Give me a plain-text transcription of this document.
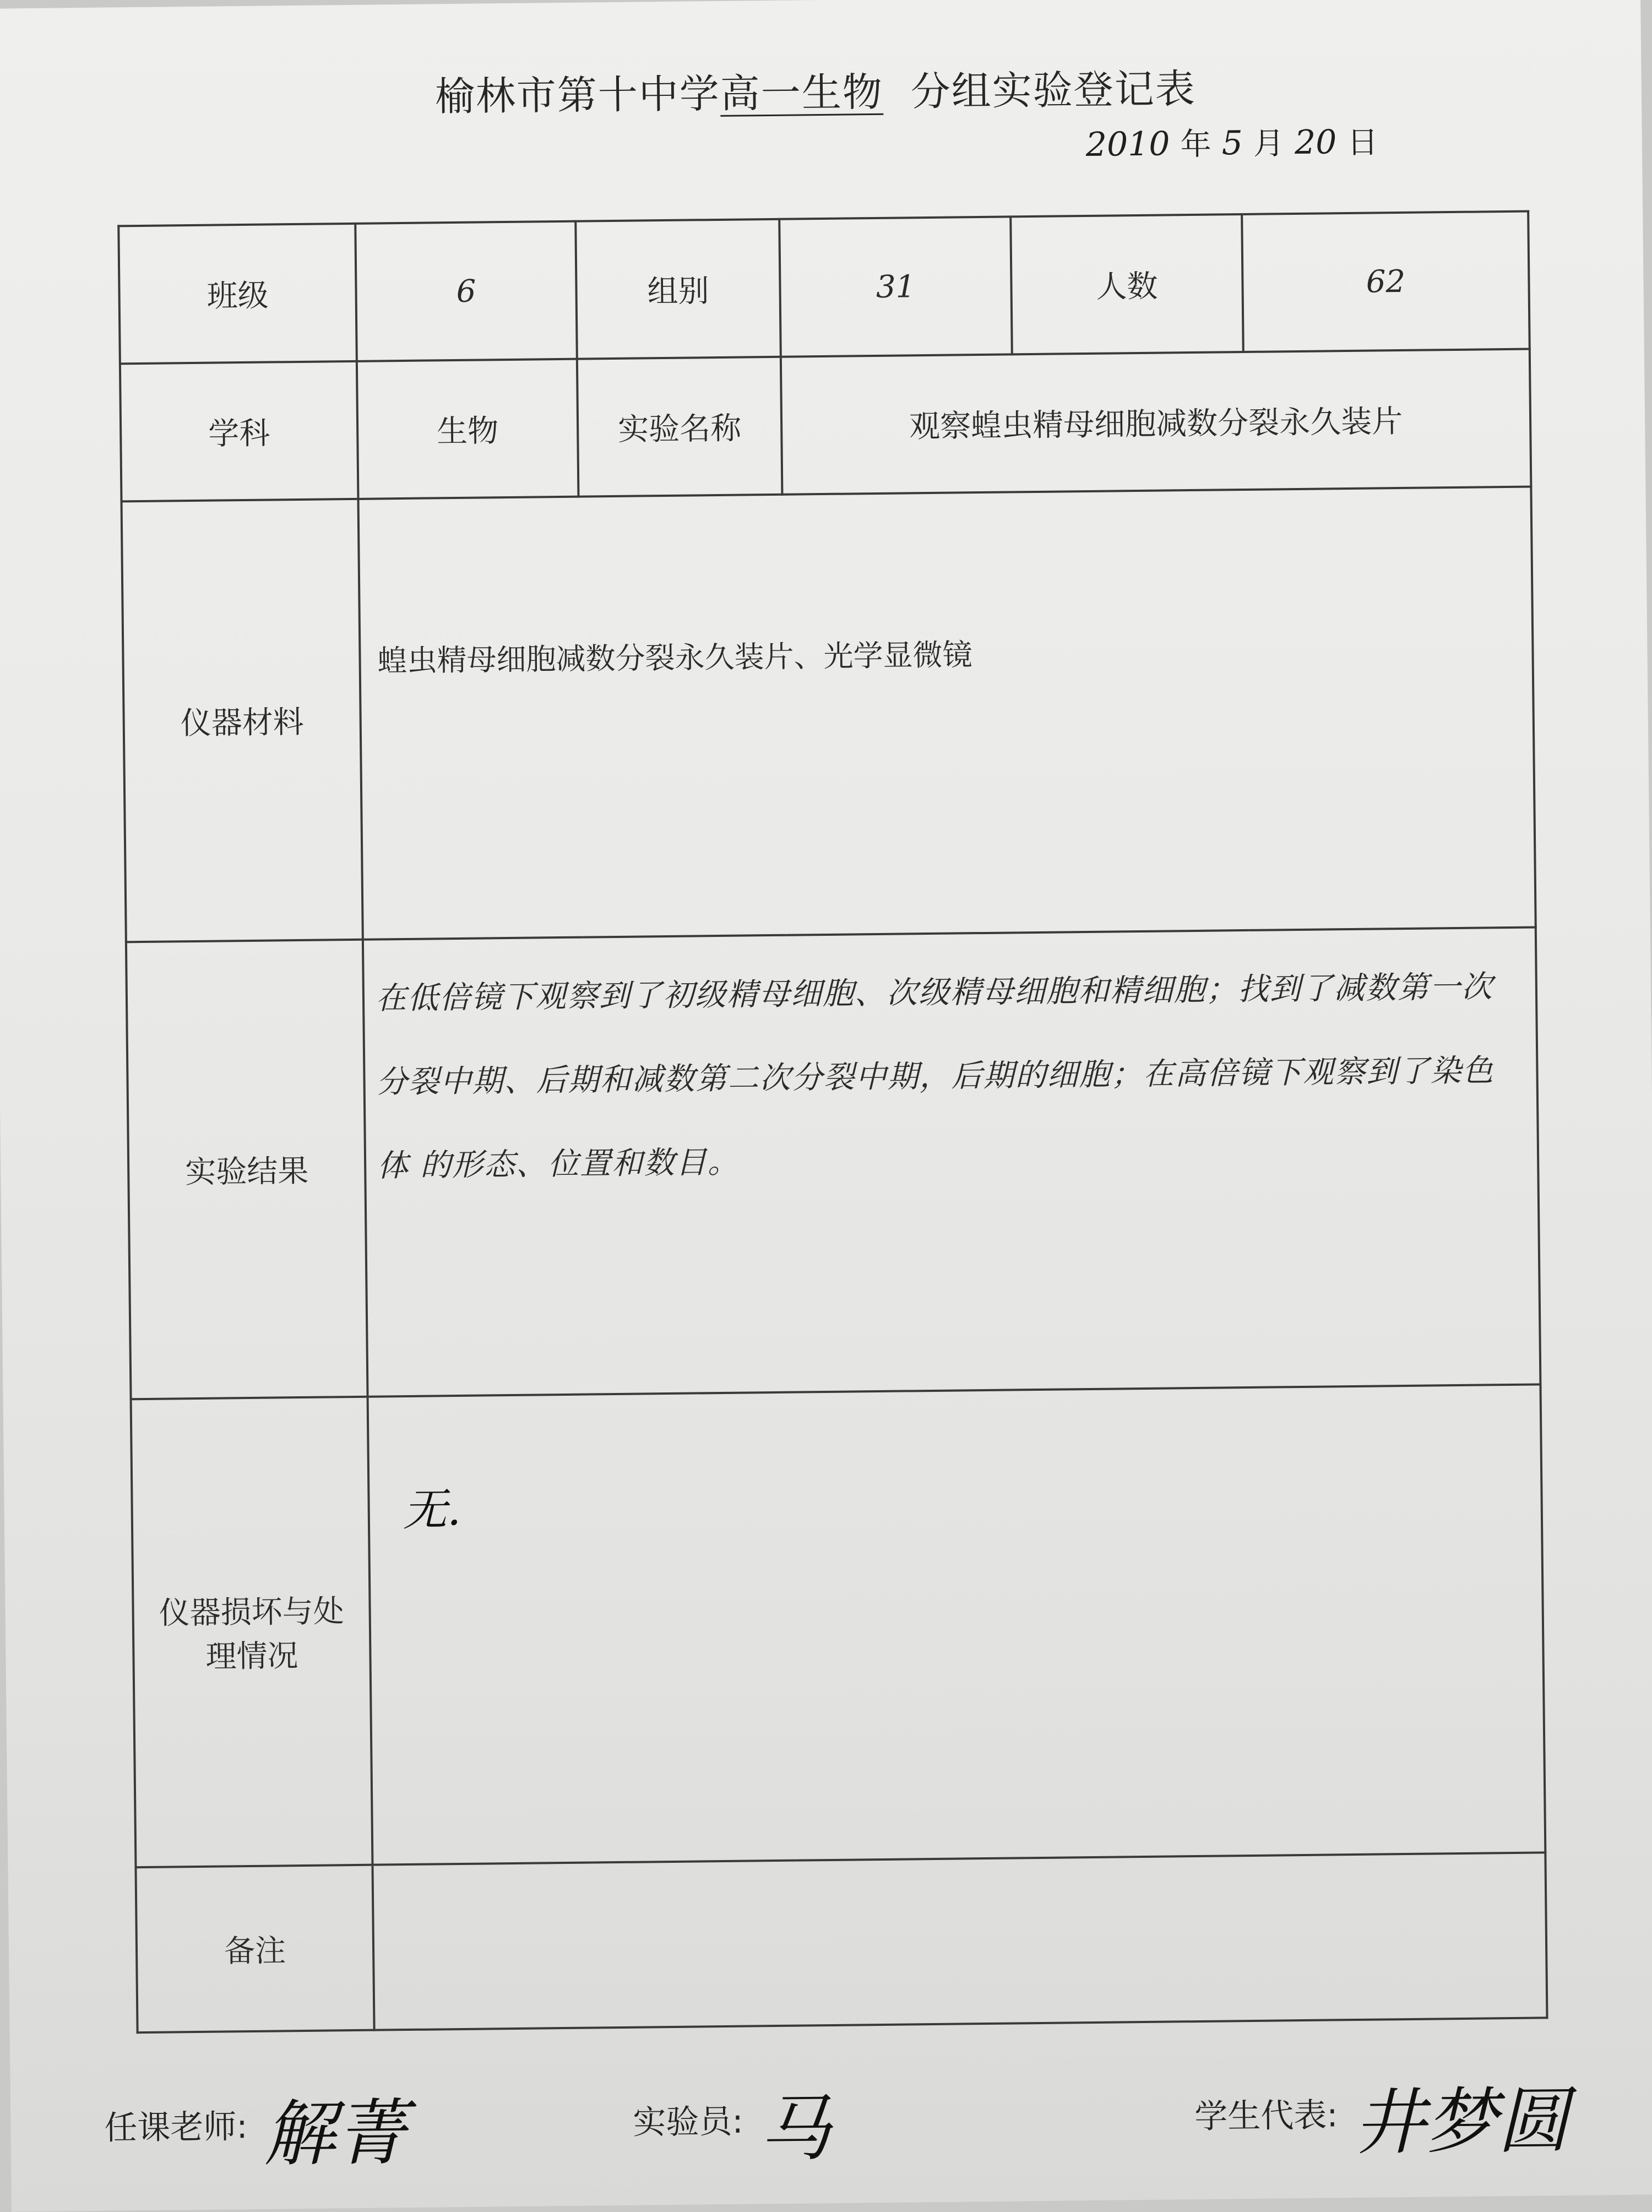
榆林市第十中学高一生物 分组实验登记表
2010 年 5 月 20 日
班级	6	组别	31	人数	62
学科	生物	实验名称	观察蝗虫精母细胞减数分裂永久装片		
仪器材料	蝗虫精母细胞减数分裂永久装片、光学显微镜				

实验结果	在低倍镜下观察到了初级精母细胞、次级精母细胞和精细胞；找到了减数第一次分裂中期、后期和减数第二次分裂中期，后期的细胞；在高倍镜下观察到了染色体 的形态、位置和数目。				

仪器损坏与处
理情况	无.				

备注					
任课老师: 解菁	实验员: 马	学生代表: 井梦圆
